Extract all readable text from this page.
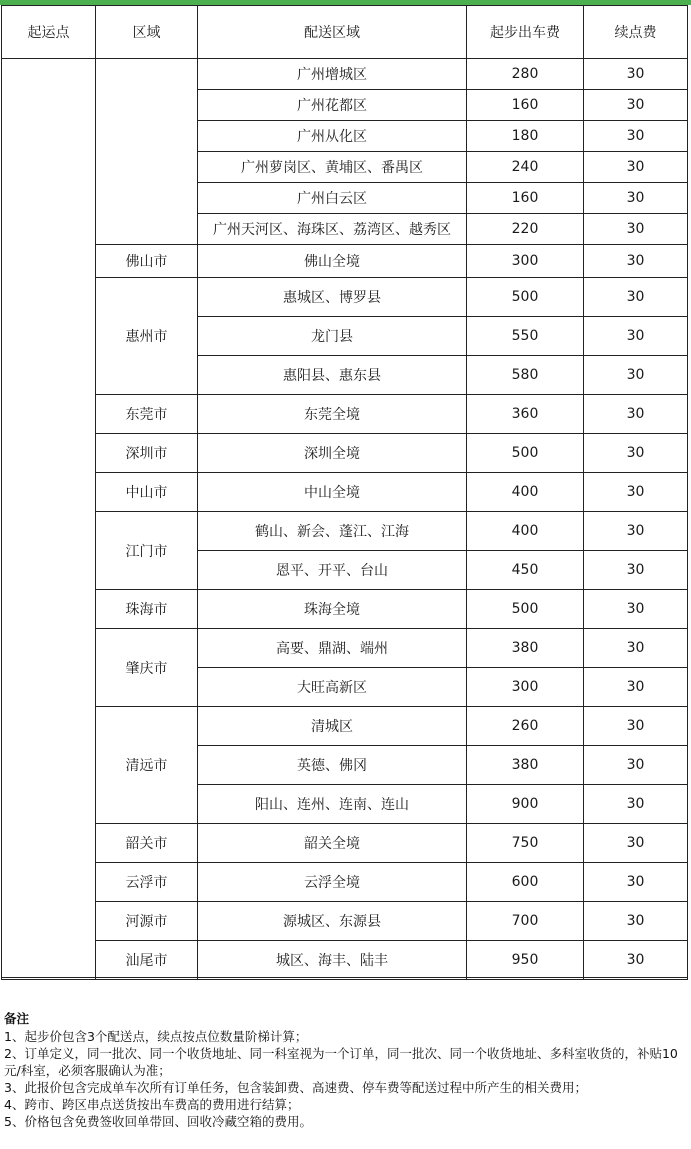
起运点	区域	配送区域	起步出车费	续点费
		广州增城区	280	30
		广州花都区	160	30
		广州从化区	180	30
		广州萝岗区、黄埔区、番禺区	240	30
		广州白云区	160	30
		广州天河区、海珠区、荔湾区、越秀区	220	30
	佛山市	佛山全境	300	30
	惠州市	惠城区、博罗县	500	30
		龙门县	550	30
		惠阳县、惠东县	580	30
	东莞市	东莞全境	360	30
	深圳市	深圳全境	500	30
	中山市	中山全境	400	30
	江门市	鹤山、新会、蓬江、江海	400	30
		恩平、开平、台山	450	30
	珠海市	珠海全境	500	30
	肇庆市	高要、鼎湖、端州	380	30
		大旺高新区	300	30
	清远市	清城区	260	30
		英德、佛冈	380	30
		阳山、连州、连南、连山	900	30
	韶关市	韶关全境	750	30
	云浮市	云浮全境	600	30
	河源市	源城区、东源县	700	30
	汕尾市	城区、海丰、陆丰	950	30
备注
1、起步价包含3个配送点，续点按点位数量阶梯计算；
2、订单定义，同一批次、同一个收货地址、同一科室视为一个订单，同一批次、同一个收货地址、多科室收货的，补贴10元/科室，必须客服确认为准；
3、此报价包含完成单车次所有订单任务，包含装卸费、高速费、停车费等配送过程中所产生的相关费用；
4、跨市、跨区串点送货按出车费高的费用进行结算；
5、价格包含免费签收回单带回、回收冷藏空箱的费用。
